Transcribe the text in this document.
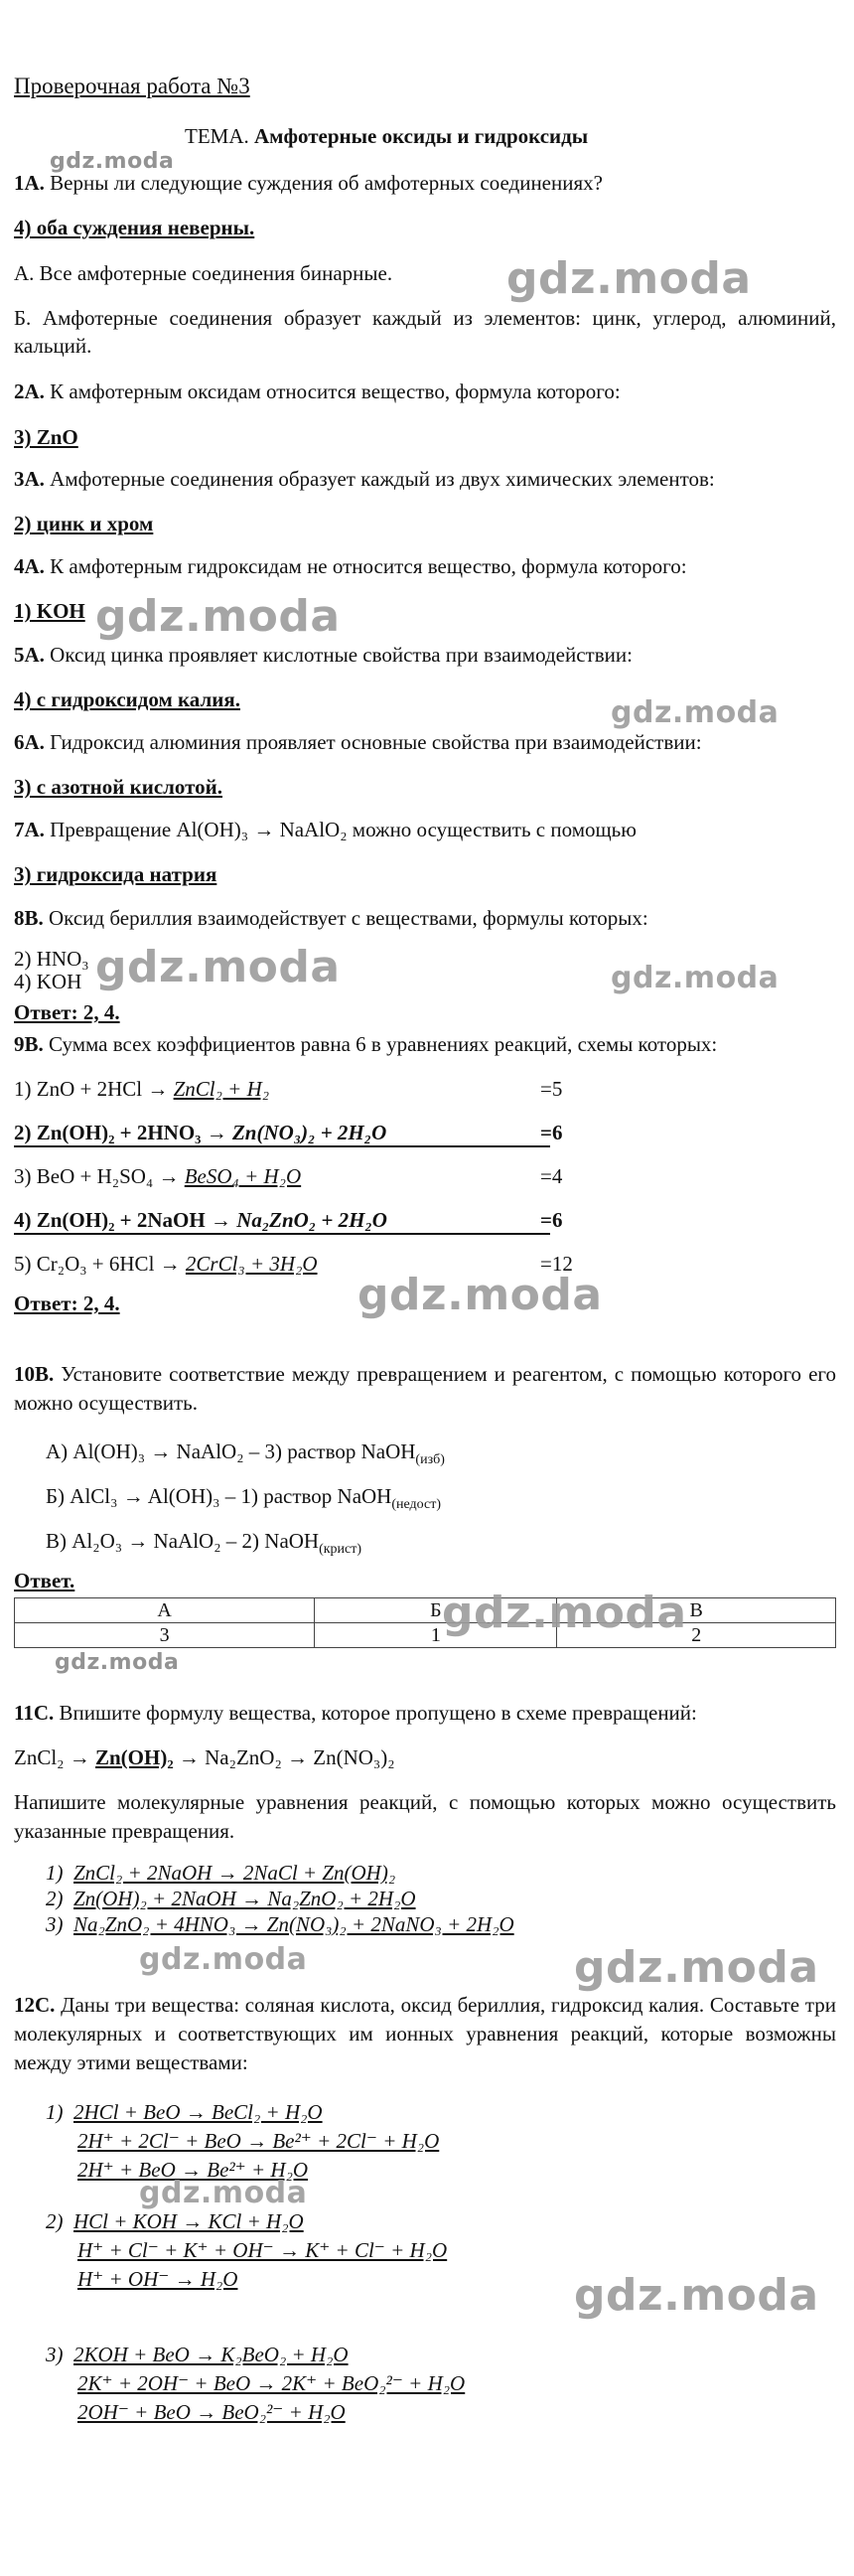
Проверочная работа №3
ТЕМА. Амфотерные оксиды и гидроксиды
1А. Верны ли следующие суждения об амфотерных соединениях?
4) оба суждения неверны.
А. Все амфотерные соединения бинарные.
Б. Амфотерные соединения образует каждый из элементов: цинк, углерод, алюминий, кальций.
2А. К амфотерным оксидам относится вещество, формула которого:
3) ZnO
3А. Амфотерные соединения образует каждый из двух химических элементов:
2) цинк и хром
4А. К амфотерным гидроксидам не относится вещество, формула которого:
1) KOH
5А. Оксид цинка проявляет кислотные свойства при взаимодействии:
4) с гидроксидом калия.
6А. Гидроксид алюминия проявляет основные свойства при взаимодействии:
3) с азотной кислотой.
7А. Превращение Al(OH)₃ → NaAlO₂ можно осуществить с помощью
3) гидроксида натрия
8В. Оксид бериллия взаимодействует с веществами, формулы которых:
2) HNO₃
4) KOH
Ответ: 2, 4.
9В. Сумма всех коэффициентов равна 6 в уравнениях реакций, схемы которых:
1) ZnO + 2HCl → ZnCl₂ + H₂	=5
2) Zn(OH)₂ + 2HNO₃ → Zn(NO₃)₂ + 2H₂O	=6
3) BeO + H₂SO₄ → BeSO₄ + H₂O	=4
4) Zn(OH)₂ + 2NaOH → Na₂ZnO₂ + 2H₂O	=6
5) Cr₂O₃ + 6HCl → 2CrCl₃ + 3H₂O	=12
Ответ: 2, 4.
10В. Установите соответствие между превращением и реагентом, с помощью которого его можно осуществить.
А) Al(OH)₃ → NaAlO₂ – 3) раствор NaOH$_{(изб)}$
Б) AlCl₃ → Al(OH)₃ – 1) раствор NaOH$_{(недост)}$
В) Al₂O₃ → NaAlO₂ – 2) NaOH$_{(крист)}$
Ответ.
А	Б	В
3	1	2
11С. Впишите формулу вещества, которое пропущено в схеме превращений:
ZnCl₂ → Zn(OH)₂ → Na₂ZnO₂ → Zn(NO₃)₂
Напишите молекулярные уравнения реакций, с помощью которых можно осуществить указанные превращения.
1) ZnCl₂ + 2NaOH → 2NaCl + Zn(OH)₂
2) Zn(OH)₂ + 2NaOH → Na₂ZnO₂ + 2H₂O
3) Na₂ZnO₂ + 4HNO₃ → Zn(NO₃)₂ + 2NaNO₃ + 2H₂O
12С. Даны три вещества: соляная кислота, оксид бериллия, гидроксид калия. Составьте три молекулярных и соответствующих им ионных уравнения реакций, которые возможны между этими веществами:
1) 2HCl + BeO → BeCl₂ + H₂O
2H⁺ + 2Cl⁻ + BeO → Be²⁺ + 2Cl⁻ + H₂O
2H⁺ + BeO → Be²⁺ + H₂O
2) HCl + KOH → KCl + H₂O
H⁺ + Cl⁻ + K⁺ + OH⁻ → K⁺ + Cl⁻ + H₂O
H⁺ + OH⁻ → H₂O
3) 2KOH + BeO → K₂BeO₂ + H₂O
2K⁺ + 2OH⁻ + BeO → 2K⁺ + BeO₂²⁻ + H₂O
2OH⁻ + BeO → BeO₂²⁻ + H₂O
gdz.moda
gdz.moda
gdz.moda
gdz.moda
gdz.moda	gdz.moda
gdz.moda
gdz.moda
gdz.moda
gdz.moda	gdz.moda
gdz.moda
gdz.moda
